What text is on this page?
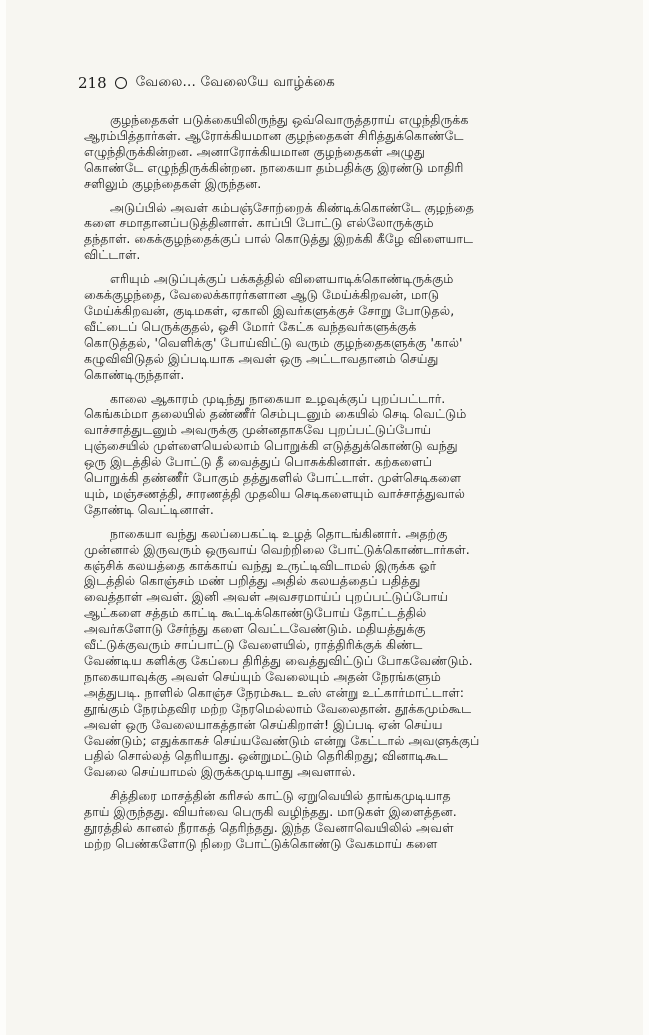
218 வேலை... வேலையே வாழ்க்கை
குழந்தைகள் படுக்கையிலிருந்து ஒவ்வொருத்தராய் எழுந்திருக்க
ஆரம்பித்தார்கள். ஆரோக்கியமான குழந்தைகள் சிரித்துக்கொண்டே
எழுந்திருக்கின்றன. அனாரோக்கியமான குழந்தைகள் அழுது
கொண்டே எழுந்திருக்கின்றன. நாகையா தம்பதிக்கு இரண்டு மாதிரி
சளிலும் குழந்தைகள் இருந்தன.
அடுப்பில் அவள் கம்பஞ்சோற்றைக் கிண்டிக்கொண்டே குழந்தை
களை சமாதானப்படுத்தினாள். காப்பி போட்டு எல்லோருக்கும்
தந்தாள். கைக்குழந்தைக்குப் பால் கொடுத்து இறக்கி கீழே விளையாட
விட்டாள்.
எரியும் அடுப்புக்குப் பக்கத்தில் விளையாடிக்கொண்டிருக்கும்
கைக்குழந்தை, வேலைக்காரர்களான ஆடு மேய்க்கிறவன், மாடு
மேய்க்கிறவன், குடிமகள், ஏகாலி இவர்களுக்குச் சோறு போடுதல்,
வீட்டைப் பெருக்குதல், ஒசி மோர் கேட்க வந்தவர்களுக்குக்
கொடுத்தல், 'வெளிக்கு' போய்விட்டு வரும் குழந்தைகளுக்கு 'கால்'
கழுவிவிடுதல் இப்படியாக அவள் ஒரு அட்டாவதானம் செய்து
கொண்டிருந்தாள்.
காலை ஆகாரம் முடிந்து நாகையா உழவுக்குப் புறப்பட்டார்.
கெங்கம்மா தலையில் தண்ணீர் செம்புடனும் கையில் செடி வெட்டும்
வாச்சாத்துடனும் அவருக்கு முன்னதாகவே புறப்பட்டுப்போய்
புஞ்சையில் முள்ளையெல்லாம் பொறுக்கி எடுத்துக்கொண்டு வந்து
ஒரு இடத்தில் போட்டு தீ வைத்துப் பொசுக்கினாள். கற்களைப்
பொறுக்கி தண்ணீர் போகும் தத்துகளில் போட்டாள். முள்செடிகளை
யும், மஞ்சணத்தி, சாரணத்தி முதலிய செடிகளையும் வாச்சாத்துவால்
தோண்டி வெட்டினாள்.
நாகையா வந்து கலப்பைகட்டி உழத் தொடங்கினார். அதற்கு
முன்னால் இருவரும் ஒருவாய் வெற்றிலை போட்டுக்கொண்டார்கள்.
கஞ்சிக் கலயத்தை காக்காய் வந்து உருட்டிவிடாமல் இருக்க ஓர்
இடத்தில் கொஞ்சம் மண் பறித்து அதில் கலயத்தைப் பதித்து
வைத்தாள் அவள். இனி அவள் அவசரமாய்ப் புறப்பட்டுப்போய்
ஆட்களை சத்தம் காட்டி கூட்டிக்கொண்டுபோய் தோட்டத்தில்
அவர்களோடு சேர்ந்து களை வெட்டவேண்டும். மதியத்துக்கு
வீட்டுக்குவரும் சாப்பாட்டு வேளையில், ராத்திரிக்குக் கிண்ட
வேண்டிய களிக்கு கேப்பை திரித்து வைத்துவிட்டுப் போகவேண்டும்.
நாகையாவுக்கு அவள் செய்யும் வேலையும் அதன் நேரங்களும்
அத்துபடி. நாளில் கொஞ்ச நேரம்கூட உஸ் என்று உட்கார்மாட்டாள்:
தூங்கும் நேரம்தவிர மற்ற நேரமெல்லாம் வேலைதான். தூக்கமும்கூட
அவள் ஒரு வேலையாகத்தான் செய்கிறாள்! இப்படி ஏன் செய்ய
வேண்டும்; எதுக்காகச் செய்யவேண்டும் என்று கேட்டால் அவளுக்குப்
பதில் சொல்லத் தெரியாது. ஒன்றுமட்டும் தெரிகிறது; வினாடிகூட
வேலை செய்யாமல் இருக்கமுடியாது அவளால்.
சித்திரை மாசத்தின் கரிசல் காட்டு ஏறுவெயில் தாங்கமுடியாத
தாய் இருந்தது. வியர்வை பெருகி வழிந்தது. மாடுகள் இளைத்தன.
தூரத்தில் கானல் நீராகத் தெரிந்தது. இந்த வேனாவெயிலில் அவள்
மற்ற பெண்களோடு நிறை போட்டுக்கொண்டு வேகமாய் களை
